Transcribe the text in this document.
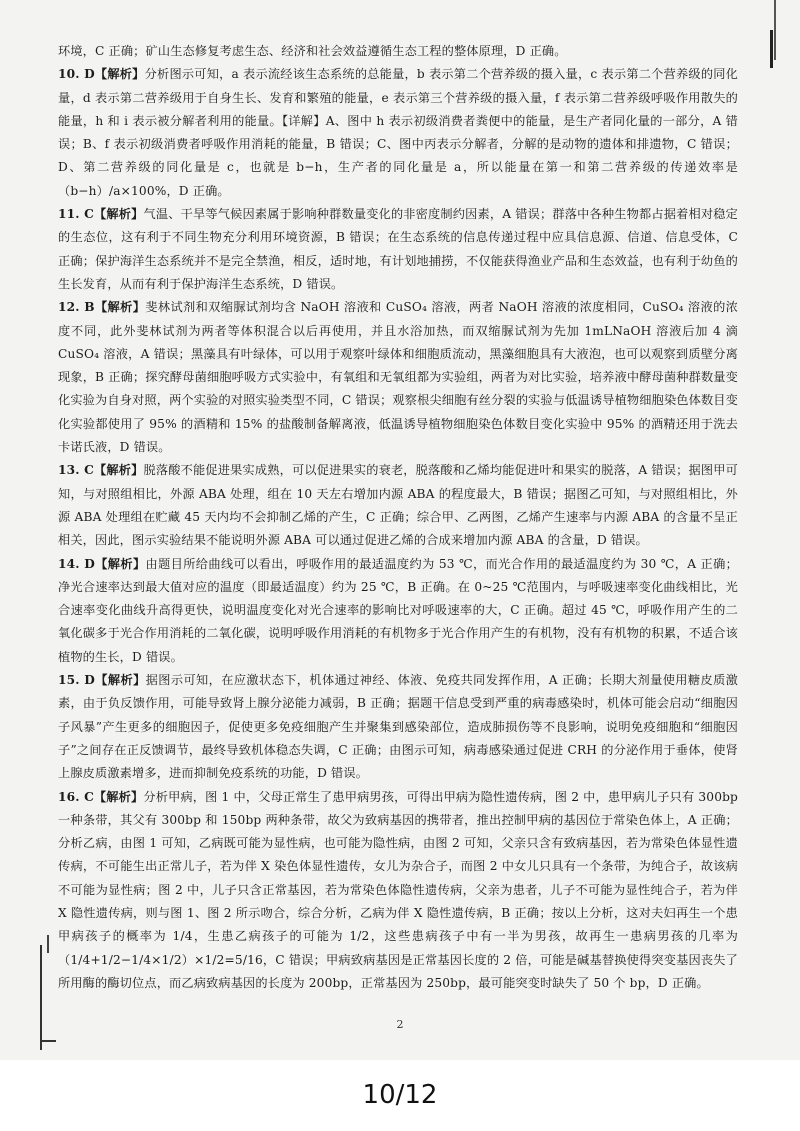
环境，C 正确；矿山生态修复考虑生态、经济和社会效益遵循生态工程的整体原理，D 正确。

10. D【解析】分析图示可知，a 表示流经该生态系统的总能量，b 表示第二个营养级的摄入量，c 表示第二个营养级的同化量，d 表示第二营养级用于自身生长、发育和繁殖的能量，e 表示第三个营养级的摄入量，f 表示第二营养级呼吸作用散失的能量，h 和 i 表示被分解者利用的能量。【详解】A、图中 h 表示初级消费者粪便中的能量，是生产者同化量的一部分，A 错误；B、f 表示初级消费者呼吸作用消耗的能量，B 错误；C、图中丙表示分解者，分解的是动物的遗体和排遗物，C 错误；D、第二营养级的同化量是 c，也就是 b−h，生产者的同化量是 a，所以能量在第一和第二营养级的传递效率是（b−h）/a×100%，D 正确。

11. C【解析】气温、干旱等气候因素属于影响种群数量变化的非密度制约因素，A 错误；群落中各种生物都占据着相对稳定的生态位，这有利于不同生物充分利用环境资源，B 错误；在生态系统的信息传递过程中应具信息源、信道、信息受体，C 正确；保护海洋生态系统并不是完全禁渔，相反，适时地，有计划地捕捞，不仅能获得渔业产品和生态效益，也有利于幼鱼的生长发育，从而有利于保护海洋生态系统，D 错误。

12. B【解析】斐林试剂和双缩脲试剂均含 NaOH 溶液和 CuSO₄ 溶液，两者 NaOH 溶液的浓度相同，CuSO₄ 溶液的浓度不同，此外斐林试剂为两者等体积混合以后再使用，并且水浴加热，而双缩脲试剂为先加 1mLNaOH 溶液后加 4 滴 CuSO₄ 溶液，A 错误；黑藻具有叶绿体，可以用于观察叶绿体和细胞质流动，黑藻细胞具有大液泡，也可以观察到质壁分离现象，B 正确；探究酵母菌细胞呼吸方式实验中，有氧组和无氧组都为实验组，两者为对比实验，培养液中酵母菌种群数量变化实验为自身对照，两个实验的对照实验类型不同，C 错误；观察根尖细胞有丝分裂的实验与低温诱导植物细胞染色体数目变化实验都使用了 95% 的酒精和 15% 的盐酸制备解离液，低温诱导植物细胞染色体数目变化实验中 95% 的酒精还用于洗去卡诺氏液，D 错误。

13. C【解析】脱落酸不能促进果实成熟，可以促进果实的衰老，脱落酸和乙烯均能促进叶和果实的脱落，A 错误；据图甲可知，与对照组相比，外源 ABA 处理，组在 10 天左右增加内源 ABA 的程度最大，B 错误；据图乙可知，与对照组相比，外源 ABA 处理组在贮藏 45 天内均不会抑制乙烯的产生，C 正确；综合甲、乙两图，乙烯产生速率与内源 ABA 的含量不呈正相关，因此，图示实验结果不能说明外源 ABA 可以通过促进乙烯的合成来增加内源 ABA 的含量，D 错误。

14. D【解析】由题目所给曲线可以看出，呼吸作用的最适温度约为 53 ℃，而光合作用的最适温度约为 30 ℃，A 正确；净光合速率达到最大值对应的温度（即最适温度）约为 25 ℃，B 正确。在 0~25 ℃范围内，与呼吸速率变化曲线相比，光合速率变化曲线升高得更快，说明温度变化对光合速率的影响比对呼吸速率的大，C 正确。超过 45 ℃，呼吸作用产生的二氧化碳多于光合作用消耗的二氧化碳，说明呼吸作用消耗的有机物多于光合作用产生的有机物，没有有机物的积累，不适合该植物的生长，D 错误。

15. D【解析】据图示可知，在应激状态下，机体通过神经、体液、免疫共同发挥作用，A 正确；长期大剂量使用糖皮质激素，由于负反馈作用，可能导致肾上腺分泌能力减弱，B 正确；据题干信息受到严重的病毒感染时，机体可能会启动“细胞因子风暴”产生更多的细胞因子，促使更多免疫细胞产生并聚集到感染部位，造成肺损伤等不良影响，说明免疫细胞和“细胞因子”之间存在正反馈调节，最终导致机体稳态失调，C 正确；由图示可知，病毒感染通过促进 CRH 的分泌作用于垂体，使肾上腺皮质激素增多，进而抑制免疫系统的功能，D 错误。

16. C【解析】分析甲病，图 1 中，父母正常生了患甲病男孩，可得出甲病为隐性遗传病，图 2 中，患甲病儿子只有 300bp 一种条带，其父有 300bp 和 150bp 两种条带，故父为致病基因的携带者，推出控制甲病的基因位于常染色体上，A 正确；分析乙病，由图 1 可知，乙病既可能为显性病，也可能为隐性病，由图 2 可知，父亲只含有致病基因，若为常染色体显性遗传病，不可能生出正常儿子，若为伴 X 染色体显性遗传，女儿为杂合子，而图 2 中女儿只具有一个条带，为纯合子，故该病不可能为显性病；图 2 中，儿子只含正常基因，若为常染色体隐性遗传病，父亲为患者，儿子不可能为显性纯合子，若为伴 X 隐性遗传病，则与图 1、图 2 所示吻合，综合分析，乙病为伴 X 隐性遗传病，B 正确；按以上分析，这对夫妇再生一个患甲病孩子的概率为 1/4，生患乙病孩子的可能为 1/2，这些患病孩子中有一半为男孩，故再生一患病男孩的几率为（1/4+1/2−1/4×1/2）×1/2=5/16，C 错误；甲病致病基因是正常基因长度的 2 倍，可能是碱基替换使得突变基因丧失了所用酶的酶切位点，而乙病致病基因的长度为 200bp，正常基因为 250bp，最可能突变时缺失了 50 个 bp，D 正确。

2
10/12
